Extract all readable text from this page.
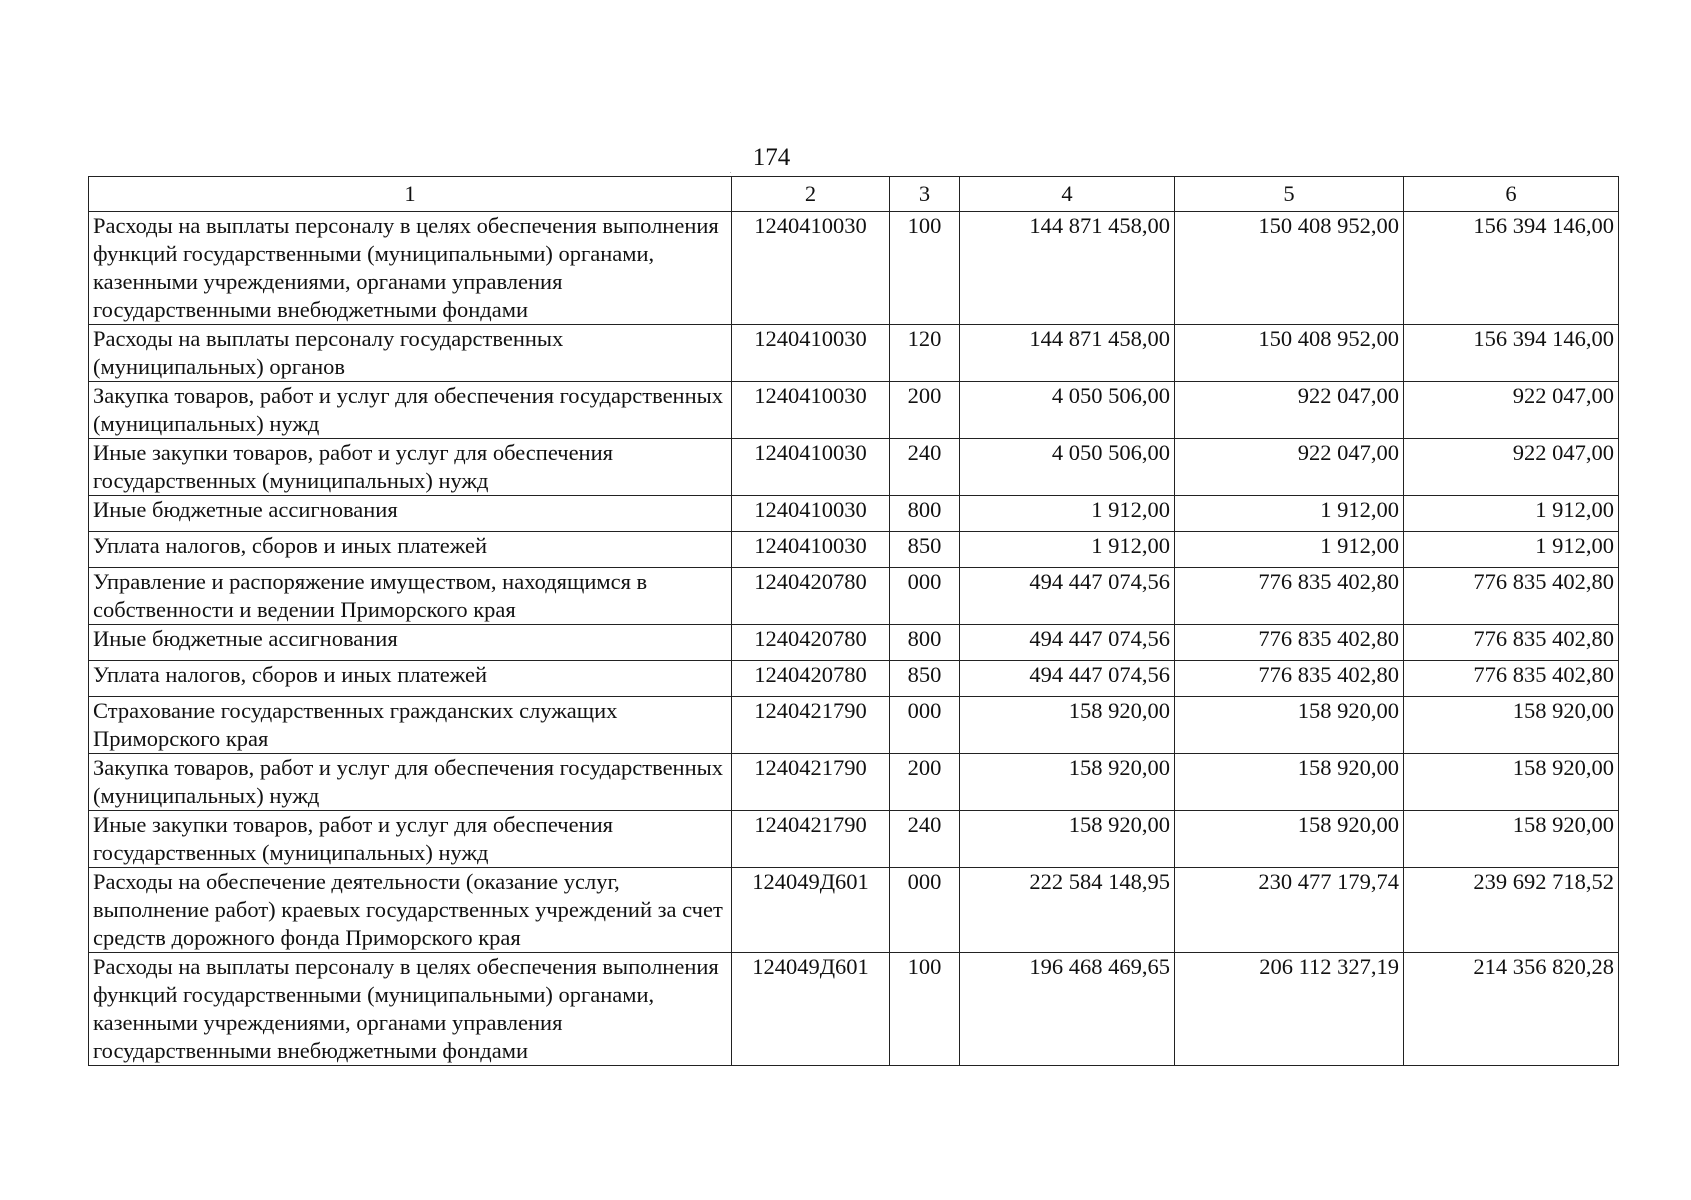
174
1	2	3	4	5	6
Расходы на выплаты персоналу в целях обеспечения выполнения функций государственными (муниципальными) органами, казенными учреждениями, органами управления государственными внебюджетными фондами	1240410030	100	144 871 458,00	150 408 952,00	156 394 146,00
Расходы на выплаты персоналу государственных (муниципальных) органов	1240410030	120	144 871 458,00	150 408 952,00	156 394 146,00
Закупка товаров, работ и услуг для обеспечения государственных (муниципальных) нужд	1240410030	200	4 050 506,00	922 047,00	922 047,00
Иные закупки товаров, работ и услуг для обеспечения государственных (муниципальных) нужд	1240410030	240	4 050 506,00	922 047,00	922 047,00
Иные бюджетные ассигнования	1240410030	800	1 912,00	1 912,00	1 912,00
Уплата налогов, сборов и иных платежей	1240410030	850	1 912,00	1 912,00	1 912,00
Управление и распоряжение имуществом, находящимся в собственности и ведении Приморского края	1240420780	000	494 447 074,56	776 835 402,80	776 835 402,80
Иные бюджетные ассигнования	1240420780	800	494 447 074,56	776 835 402,80	776 835 402,80
Уплата налогов, сборов и иных платежей	1240420780	850	494 447 074,56	776 835 402,80	776 835 402,80
Страхование государственных гражданских служащих Приморского края	1240421790	000	158 920,00	158 920,00	158 920,00
Закупка товаров, работ и услуг для обеспечения государственных (муниципальных) нужд	1240421790	200	158 920,00	158 920,00	158 920,00
Иные закупки товаров, работ и услуг для обеспечения государственных (муниципальных) нужд	1240421790	240	158 920,00	158 920,00	158 920,00
Расходы на обеспечение деятельности (оказание услуг, выполнение работ) краевых государственных учреждений за счет средств дорожного фонда Приморского края	124049Д601	000	222 584 148,95	230 477 179,74	239 692 718,52
Расходы на выплаты персоналу в целях обеспечения выполнения функций государственными (муниципальными) органами, казенными учреждениями, органами управления государственными внебюджетными фондами	124049Д601	100	196 468 469,65	206 112 327,19	214 356 820,28
